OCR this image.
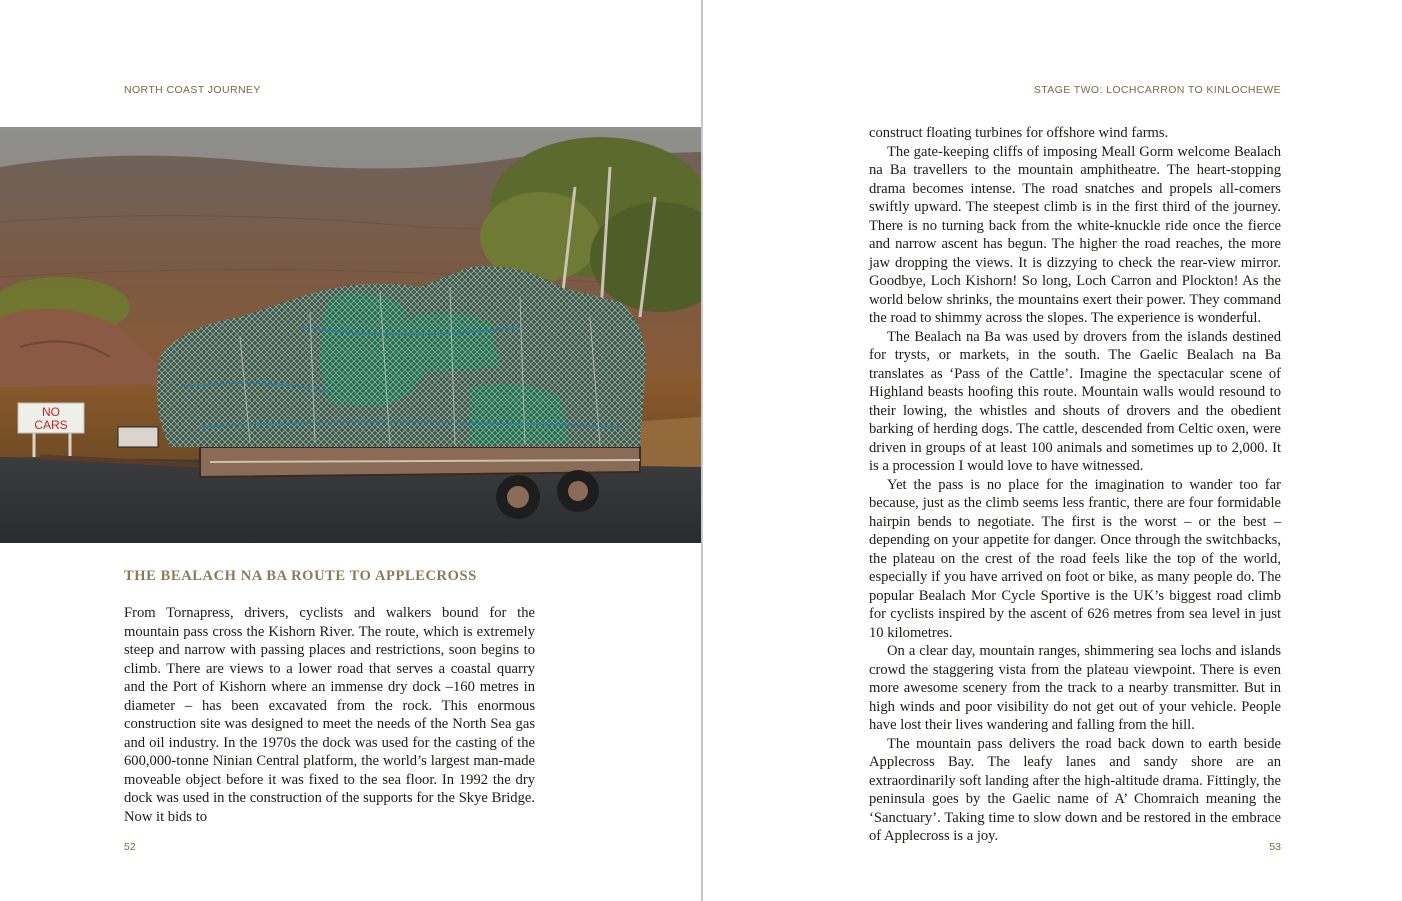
NORTH COAST JOURNEY
NO
CARS
THE BEALACH NA BA ROUTE TO APPLECROSS

From Tornapress, drivers, cyclists and walkers bound for the mountain pass cross the Kishorn River. The route, which is extremely steep and narrow with passing places and restrictions, soon begins to climb. There are views to a lower road that serves a coastal quarry and the Port of Kishorn where an immense dry dock –160 metres in diameter – has been excavated from the rock. This enormous construction site was designed to meet the needs of the North Sea gas and oil industry. In the 1970s the dock was used for the casting of the 600,000-tonne Ninian Central platform, the world’s largest man-made moveable object before it was fixed to the sea floor. In 1992 the dry dock was used in the construction of the supports for the Skye Bridge. Now it bids to

52
STAGE TWO: LOCHCARRON TO KINLOCHEWE

construct floating turbines for offshore wind farms.

The gate-keeping cliffs of imposing Meall Gorm welcome Bealach na Ba travellers to the mountain amphitheatre. The heart-stopping drama becomes intense. The road snatches and propels all-comers swiftly upward. The steepest climb is in the first third of the journey. There is no turning back from the white-knuckle ride once the fierce and narrow ascent has begun. The higher the road reaches, the more jaw dropping the views. It is dizzying to check the rear-view mirror. Goodbye, Loch Kishorn! So long, Loch Carron and Plockton! As the world below shrinks, the mountains exert their power. They command the road to shimmy across the slopes. The experience is wonderful.

The Bealach na Ba was used by drovers from the islands destined for trysts, or markets, in the south. The Gaelic Bealach na Ba translates as ‘Pass of the Cattle’. Imagine the spectacular scene of Highland beasts hoofing this route. Mountain walls would resound to their lowing, the whistles and shouts of drovers and the obedient barking of herding dogs. The cattle, descended from Celtic oxen, were driven in groups of at least 100 animals and sometimes up to 2,000. It is a procession I would love to have witnessed.

Yet the pass is no place for the imagination to wander too far because, just as the climb seems less frantic, there are four formidable hairpin bends to negotiate. The first is the worst – or the best – depending on your appetite for danger. Once through the switchbacks, the plateau on the crest of the road feels like the top of the world, especially if you have arrived on foot or bike, as many people do. The popular Bealach Mor Cycle Sportive is the UK’s biggest road climb for cyclists inspired by the ascent of 626 metres from sea level in just 10 kilometres.

On a clear day, mountain ranges, shimmering sea lochs and islands crowd the staggering vista from the plateau viewpoint. There is even more awesome scenery from the track to a nearby transmitter. But in high winds and poor visibility do not get out of your vehicle. People have lost their lives wandering and falling from the hill.

The mountain pass delivers the road back down to earth beside Applecross Bay. The leafy lanes and sandy shore are an extraordinarily soft landing after the high-altitude drama. Fittingly, the peninsula goes by the Gaelic name of A’ Chomraich meaning the ‘Sanctuary’. Taking time to slow down and be restored in the embrace of Applecross is a joy.

53
